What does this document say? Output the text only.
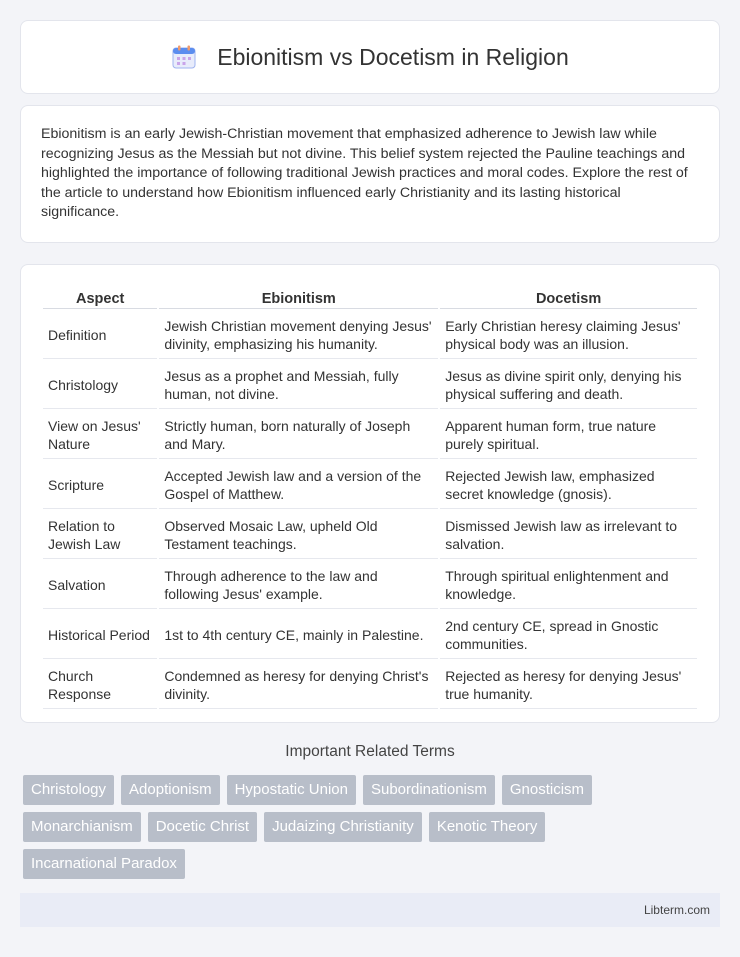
Ebionitism vs Docetism in Religion

Ebionitism is an early Jewish-Christian movement that emphasized adherence to Jewish law while recognizing Jesus as the Messiah but not divine. This belief system rejected the Pauline teachings and highlighted the importance of following traditional Jewish practices and moral codes. Explore the rest of the article to understand how Ebionitism influenced early Christianity and its lasting historical significance.

Aspect	Ebionitism	Docetism
Definition	Jewish Christian movement denying Jesus' divinity, emphasizing his humanity.	Early Christian heresy claiming Jesus' physical body was an illusion.
Christology	Jesus as a prophet and Messiah, fully human, not divine.	Jesus as divine spirit only, denying his physical suffering and death.
View on Jesus' Nature	Strictly human, born naturally of Joseph and Mary.	Apparent human form, true nature purely spiritual.
Scripture	Accepted Jewish law and a version of the Gospel of Matthew.	Rejected Jewish law, emphasized secret knowledge (gnosis).
Relation to Jewish Law	Observed Mosaic Law, upheld Old Testament teachings.	Dismissed Jewish law as irrelevant to salvation.
Salvation	Through adherence to the law and following Jesus' example.	Through spiritual enlightenment and knowledge.
Historical Period	1st to 4th century CE, mainly in Palestine.	2nd century CE, spread in Gnostic communities.
Church Response	Condemned as heresy for denying Christ's divinity.	Rejected as heresy for denying Jesus' true humanity.
Important Related Terms
Christology	Adoptionism	Hypostatic Union	Subordinationism	Gnosticism
Monarchianism	Docetic Christ	Judaizing Christianity	Kenotic Theory
Incarnational Paradox
Libterm.com
